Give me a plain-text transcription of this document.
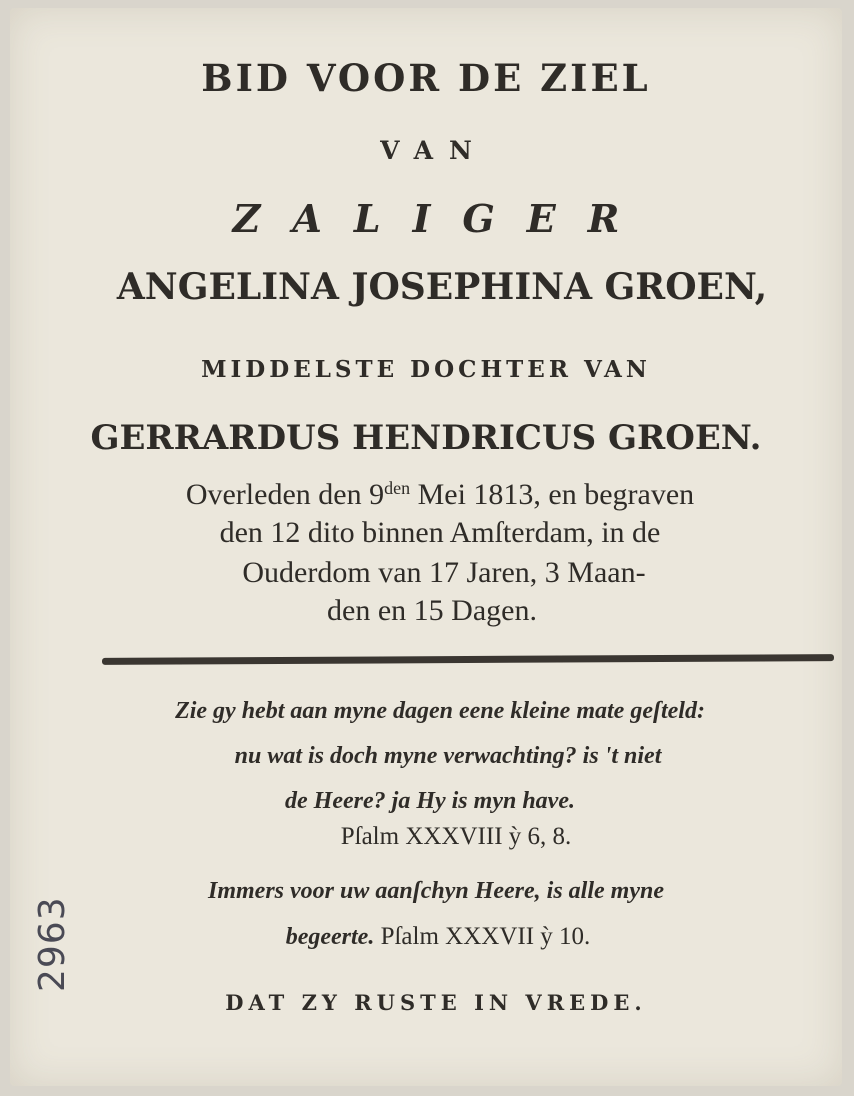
BID VOOR DE ZIEL
VAN
ZALIGER
ANGELINA JOSEPHINA GROEN,
MIDDELSTE DOCHTER VAN
GERRARDUS HENDRICUS GROEN.
Overleden den $9^{den}$ Mei 1813, en begraven
den 12 dito binnen Amſterdam, in de
Ouderdom van 17 Jaren, 3 Maan-
den en 15 Dagen.
Zie gy hebt aan myne dagen eene kleine mate geſteld:
nu wat is doch myne verwachting? is 't niet
de Heere? ja Hy is myn have.
Pſalm XXXVIII ỳ 6, 8.
Immers voor uw aanſchyn Heere, is alle myne
begeerte. Pſalm XXXVII ỳ 10.
DAT ZY RUSTE IN VREDE.
2963
